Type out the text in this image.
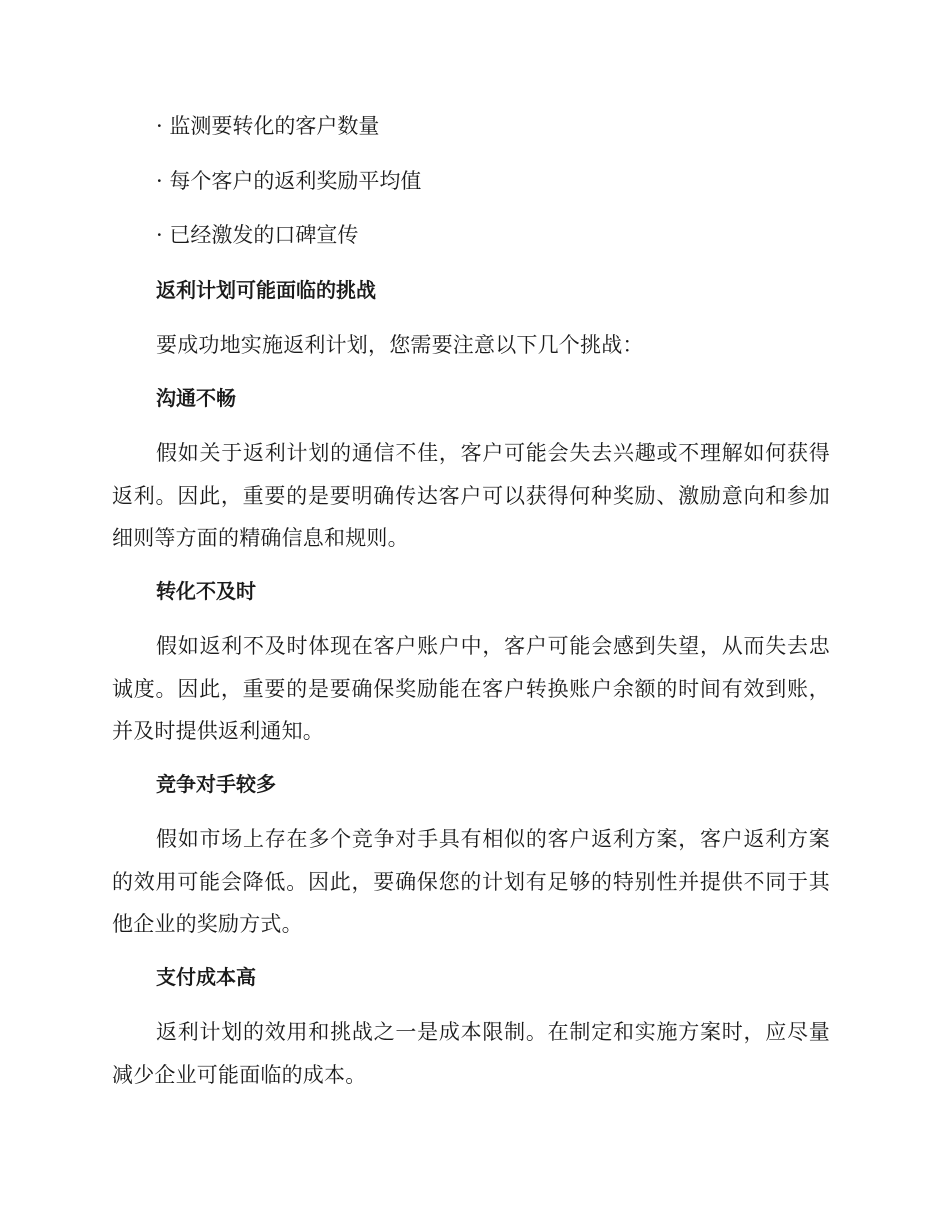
· 监测要转化的客户数量
· 每个客户的返利奖励平均值
· 已经激发的口碑宣传
返利计划可能面临的挑战
要成功地实施返利计划，您需要注意以下几个挑战：
沟通不畅
假如关于返利计划的通信不佳，客户可能会失去兴趣或不理解如何获得返利。因此，重要的是要明确传达客户可以获得何种奖励、激励意向和参加细则等方面的精确信息和规则。
转化不及时
假如返利不及时体现在客户账户中，客户可能会感到失望，从而失去忠诚度。因此，重要的是要确保奖励能在客户转换账户余额的时间有效到账，并及时提供返利通知。
竞争对手较多
假如市场上存在多个竞争对手具有相似的客户返利方案，客户返利方案的效用可能会降低。因此，要确保您的计划有足够的特别性并提供不同于其他企业的奖励方式。
支付成本高
返利计划的效用和挑战之一是成本限制。在制定和实施方案时，应尽量减少企业可能面临的成本。
